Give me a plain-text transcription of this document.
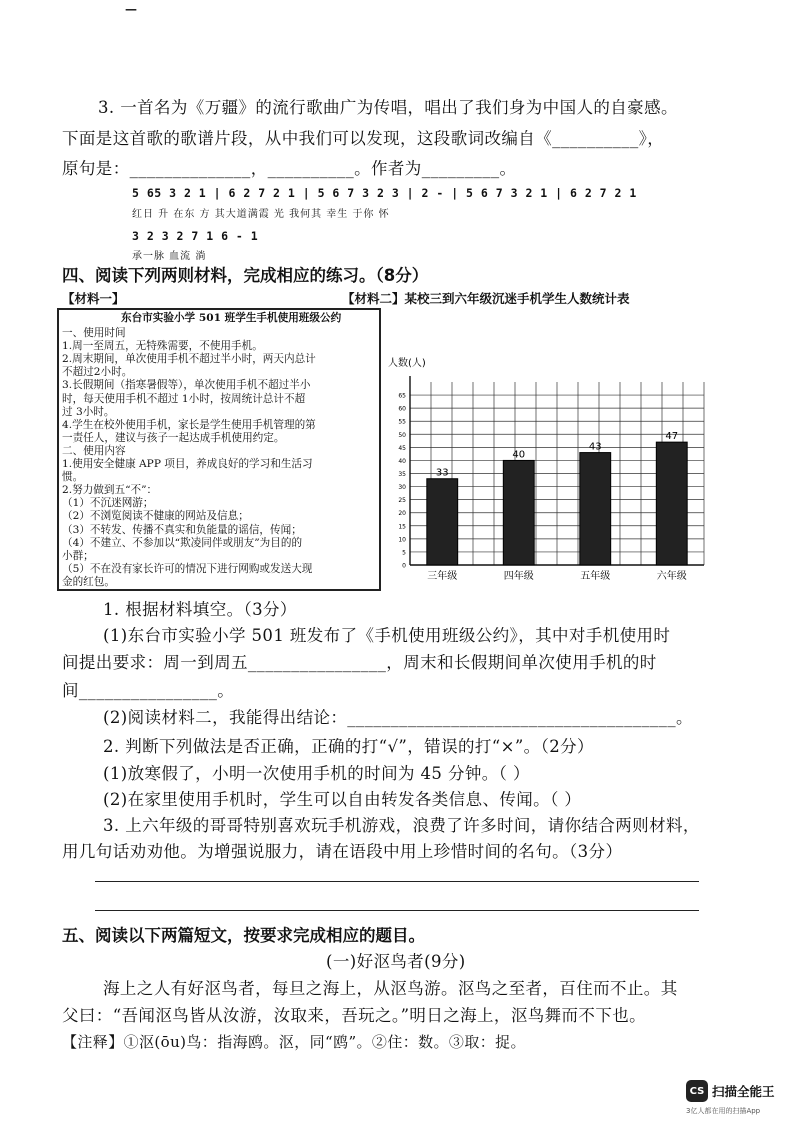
—
3. 一首名为《万疆》的流行歌曲广为传唱，唱出了我们身为中国人的自豪感。
下面是这首歌的歌谱片段，从中我们可以发现，这段歌词改编自《__________》，
原句是：______________，__________。作者为_________。
5 65 3 2 1 | 6 2 7 2 1 | 5 6 7 3 2 3 | 2 - | 5 6 7 3 2 1 | 6 2 7 2 1
红日 升 在东 方 其大道满霞 光 我何其 幸生 于你 怀
3 2 3 2 7 1 6 - 1
承一脉 血流 淌
四、阅读下列两则材料，完成相应的练习。（8分）
【材料一】	【材料二】某校三到六年级沉迷手机学生人数统计表
东台市实验小学 501 班学生手机使用班级公约
一、使用时间
1.周一至周五，无特殊需要，不使用手机。
2.周末期间，单次使用手机不超过半小时，两天内总计
不超过2小时。
3.长假期间（指寒暑假等），单次使用手机不超过半小
时，每天使用手机不超过 1小时，按周统计总计不超
过 3小时。
4.学生在校外使用手机，家长是学生使用手机管理的第
一责任人，建议与孩子一起达成手机使用约定。
二、使用内容
1.使用安全健康 APP 项目，养成良好的学习和生活习
惯。
2.努力做到五“不”：
（1）不沉迷网游；
（2）不浏览阅读不健康的网站及信息；
（3）不转发、传播不真实和负能量的谣信，传闻；
（4）不建立、不参加以“欺凌同伴或朋友”为目的的
小群；
（5）不在没有家长许可的情况下进行网购或发送大现
金的红包。
人数(人)
0
5
10
15
20
25
30
35
40
45
50
55
60
65
33
三年级
40
四年级
43
五年级
47
六年级
1. 根据材料填空。（3分）
(1)东台市实验小学 501 班发布了《手机使用班级公约》，其中对手机使用时
间提出要求：周一到周五________________，周末和长假期间单次使用手机的时
间________________。
(2)阅读材料二，我能得出结论：______________________________________。
2. 判断下列做法是否正确，正确的打“√”，错误的打“×”。（2分）
(1)放寒假了，小明一次使用手机的时间为 45 分钟。（ ）
(2)在家里使用手机时，学生可以自由转发各类信息、传闻。（ ）
3. 上六年级的哥哥特别喜欢玩手机游戏，浪费了许多时间，请你结合两则材料，
用几句话劝劝他。为增强说服力，请在语段中用上珍惜时间的名句。（3分）
五、阅读以下两篇短文，按要求完成相应的题目。
(一)好沤鸟者(9分)
海上之人有好沤鸟者，每旦之海上，从沤鸟游。沤鸟之至者，百住而不止。其
父曰：“吾闻沤鸟皆从汝游，汝取来，吾玩之。”明日之海上，沤鸟舞而不下也。
【注释】①沤(ōu)鸟：指海鸥。沤，同“鸥”。②住：数。③取：捉。
CS 扫描全能王
3亿人都在用的扫描App
